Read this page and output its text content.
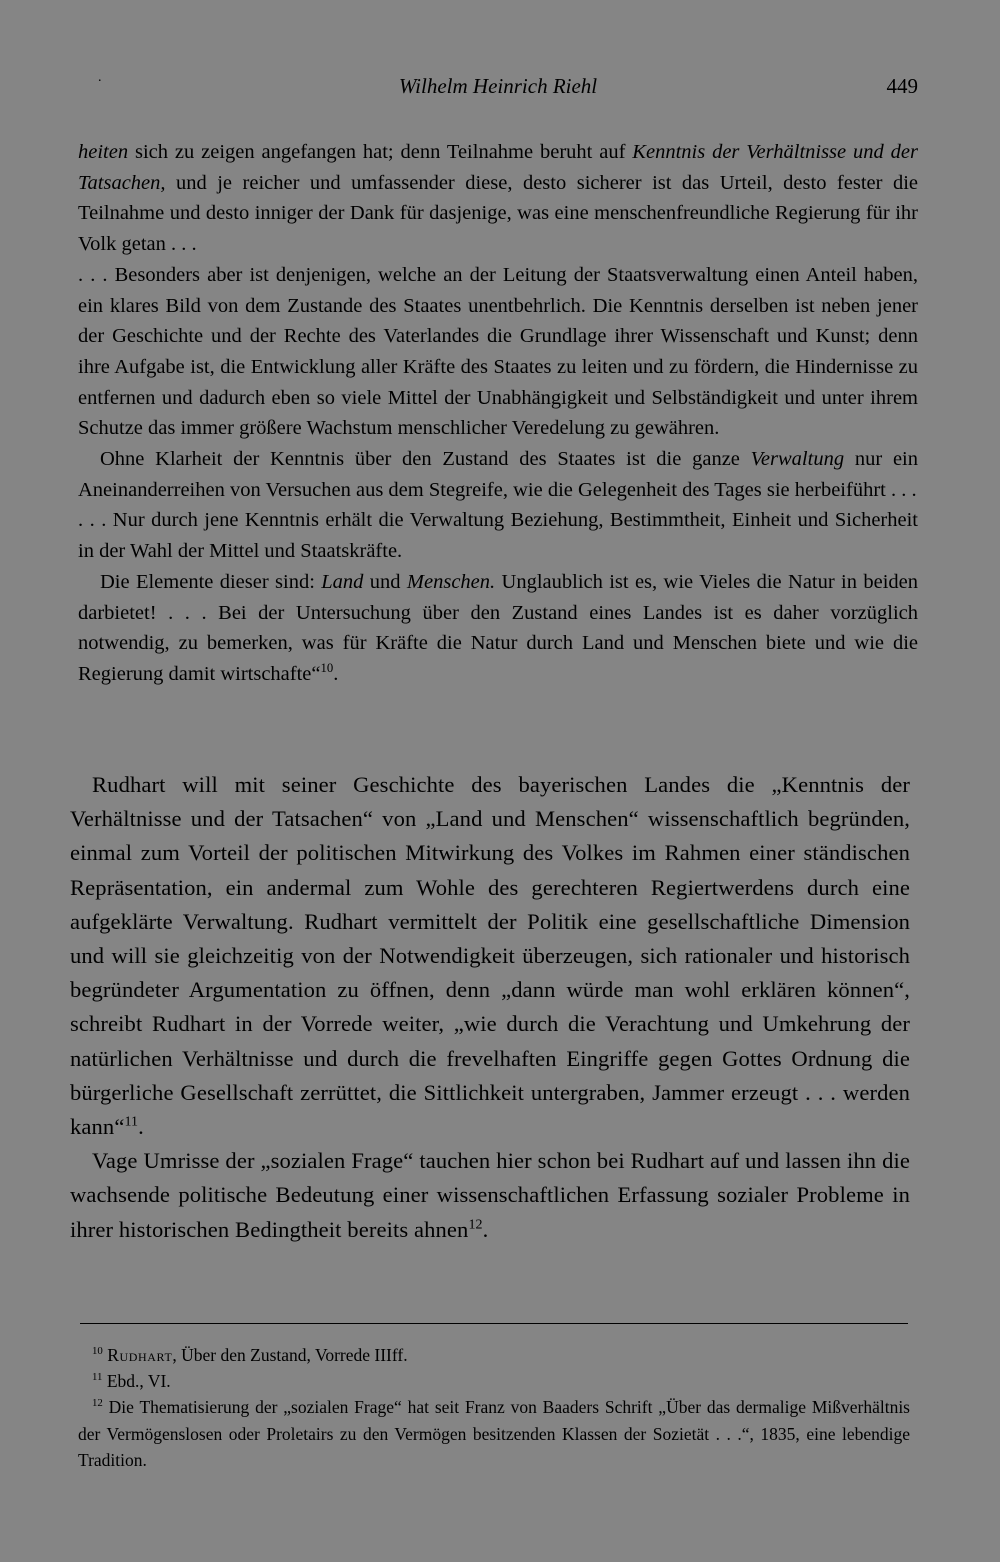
.	Wilhelm Heinrich Riehl	449

heiten sich zu zeigen angefangen hat; denn Teilnahme beruht auf Kenntnis der Verhältnisse und der Tatsachen, und je reicher und umfassender diese, desto sicherer ist das Urteil, desto fester die Teilnahme und desto inniger der Dank für dasjenige, was eine menschenfreundliche Regierung für ihr Volk getan . . .

. . . Besonders aber ist denjenigen, welche an der Leitung der Staatsverwaltung einen Anteil haben, ein klares Bild von dem Zustande des Staates unentbehrlich. Die Kenntnis derselben ist neben jener der Geschichte und der Rechte des Vaterlandes die Grundlage ihrer Wissenschaft und Kunst; denn ihre Aufgabe ist, die Entwicklung aller Kräfte des Staates zu leiten und zu fördern, die Hindernisse zu entfernen und dadurch eben so viele Mittel der Unabhängigkeit und Selbständigkeit und unter ihrem Schutze das immer größere Wachstum menschlicher Veredelung zu gewähren.

Ohne Klarheit der Kenntnis über den Zustand des Staates ist die ganze Verwaltung nur ein Aneinanderreihen von Versuchen aus dem Stegreife, wie die Gelegenheit des Tages sie herbeiführt . . .

. . . Nur durch jene Kenntnis erhält die Verwaltung Beziehung, Bestimmtheit, Einheit und Sicherheit in der Wahl der Mittel und Staatskräfte.

Die Elemente dieser sind: Land und Menschen. Unglaublich ist es, wie Vieles die Natur in beiden darbietet! . . . Bei der Untersuchung über den Zustand eines Landes ist es daher vorzüglich notwendig, zu bemerken, was für Kräfte die Natur durch Land und Menschen biete und wie die Regierung damit wirtschafte“$^{10}$.

Rudhart will mit seiner Geschichte des bayerischen Landes die „Kenntnis der Verhältnisse und der Tatsachen“ von „Land und Menschen“ wissenschaftlich begründen, einmal zum Vorteil der politischen Mitwirkung des Volkes im Rahmen einer ständischen Repräsentation, ein andermal zum Wohle des gerechteren Regiertwerdens durch eine aufgeklärte Verwaltung. Rudhart vermittelt der Politik eine gesellschaftliche Dimension und will sie gleichzeitig von der Notwendigkeit überzeugen, sich rationaler und historisch begründeter Argumentation zu öffnen, denn „dann würde man wohl erklären können“, schreibt Rudhart in der Vorrede weiter, „wie durch die Verachtung und Umkehrung der natürlichen Verhältnisse und durch die frevelhaften Eingriffe gegen Gottes Ordnung die bürgerliche Gesellschaft zerrüttet, die Sittlichkeit untergraben, Jammer erzeugt . . . werden kann“$^{11}$.

Vage Umrisse der „sozialen Frage“ tauchen hier schon bei Rudhart auf und lassen ihn die wachsende politische Bedeutung einer wissenschaftlichen Erfassung sozialer Probleme in ihrer historischen Bedingtheit bereits ahnen$^{12}$.

$^{10}$ Rudhart, Über den Zustand, Vorrede IIIff.

$^{11}$ Ebd., VI.

$^{12}$ Die Thematisierung der „sozialen Frage“ hat seit Franz von Baaders Schrift „Über das dermalige Mißverhältnis der Vermögenslosen oder Proletairs zu den Vermögen besitzenden Klassen der Sozietät . . .“, 1835, eine lebendige Tradition.
